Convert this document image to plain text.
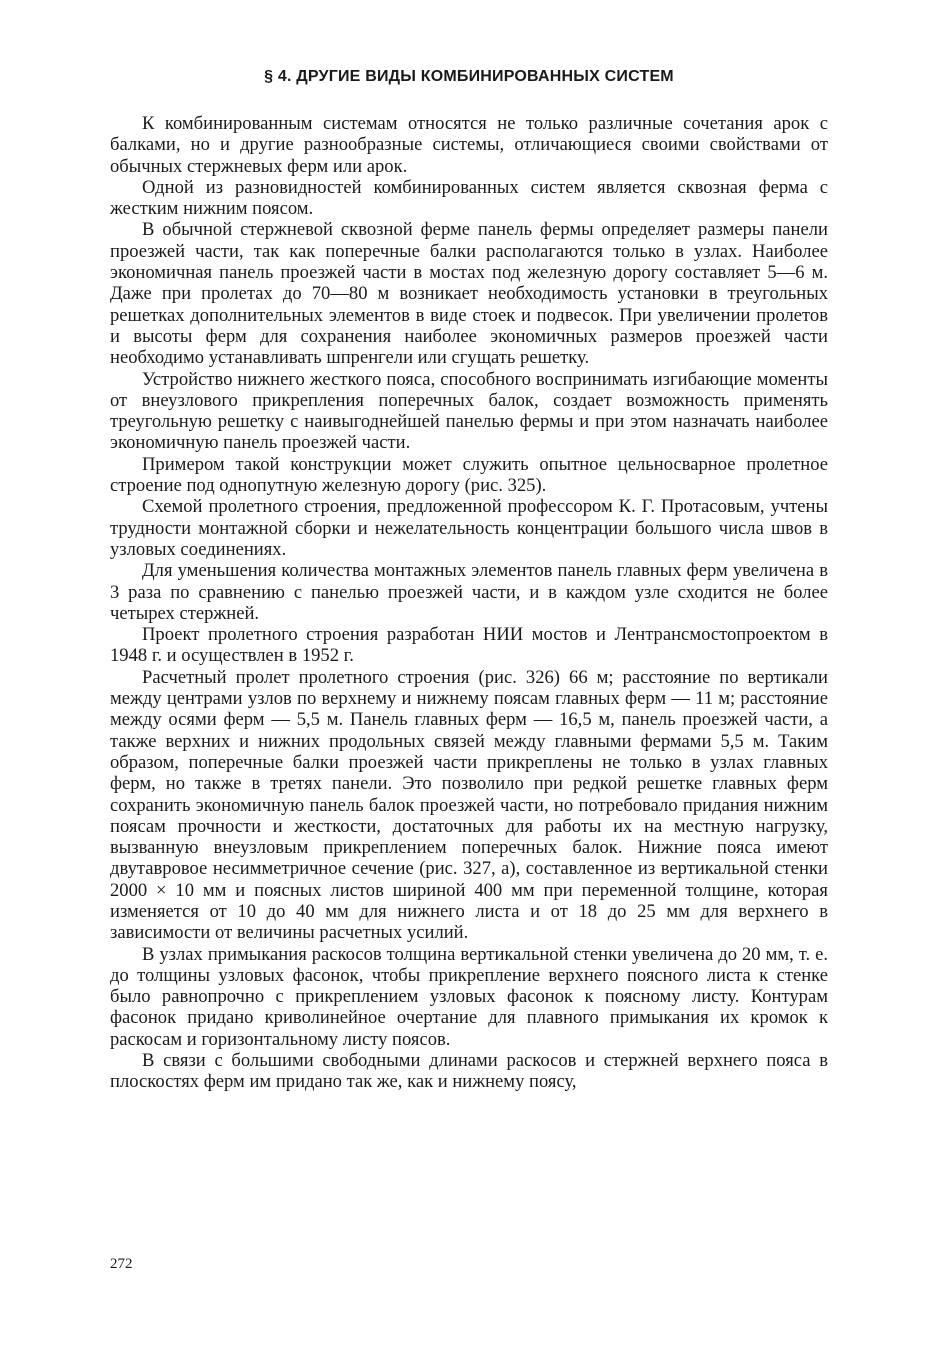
§ 4. ДРУГИЕ ВИДЫ КОМБИНИРОВАННЫХ СИСТЕМ

К комбинированным системам относятся не только различные сочетания арок с балками, но и другие разнообразные системы, отличающиеся своими свойствами от обычных стержневых ферм или арок.

Одной из разновидностей комбинированных систем является сквозная ферма с жестким нижним поясом.

В обычной стержневой сквозной ферме панель фермы определяет размеры панели проезжей части, так как поперечные балки располагаются только в узлах. Наиболее экономичная панель проезжей части в мостах под железную дорогу составляет 5—6 м. Даже при пролетах до 70—80 м возникает необходимость установки в треугольных решетках дополнительных элементов в виде стоек и подвесок. При увеличении пролетов и высоты ферм для сохранения наиболее экономичных размеров проезжей части необходимо устанавливать шпренгели или сгущать решетку.

Устройство нижнего жесткого пояса, способного воспринимать изгибающие моменты от внеузлового прикрепления поперечных балок, создает возможность применять треугольную решетку с наивыгоднейшей панелью фермы и при этом назначать наиболее экономичную панель проезжей части.

Примером такой конструкции может служить опытное цельносварное пролетное строение под однопутную железную дорогу (рис. 325).

Схемой пролетного строения, предложенной профессором К. Г. Протасовым, учтены трудности монтажной сборки и нежелательность концентрации большого числа швов в узловых соединениях.

Для уменьшения количества монтажных элементов панель главных ферм увеличена в 3 раза по сравнению с панелью проезжей части, и в каждом узле сходится не более четырех стержней.

Проект пролетного строения разработан НИИ мостов и Лентрансмостопроектом в 1948 г. и осуществлен в 1952 г.

Расчетный пролет пролетного строения (рис. 326) 66 м; расстояние по вертикали между центрами узлов по верхнему и нижнему поясам главных ферм — 11 м; расстояние между осями ферм — 5,5 м. Панель главных ферм — 16,5 м, панель проезжей части, а также верхних и нижних продольных связей между главными фермами 5,5 м. Таким образом, поперечные балки проезжей части прикреплены не только в узлах главных ферм, но также в третях панели. Это позволило при редкой решетке главных ферм сохранить экономичную панель балок проезжей части, но потребовало придания нижним поясам прочности и жесткости, достаточных для работы их на местную нагрузку, вызванную внеузловым прикреплением поперечных балок. Нижние пояса имеют двутавровое несимметричное сечение (рис. 327, а), составленное из вертикальной стенки 2000 × 10 мм и поясных листов шириной 400 мм при переменной толщине, которая изменяется от 10 до 40 мм для нижнего листа и от 18 до 25 мм для верхнего в зависимости от величины расчетных усилий.

В узлах примыкания раскосов толщина вертикальной стенки увеличена до 20 мм, т. е. до толщины узловых фасонок, чтобы прикрепление верхнего поясного листа к стенке было равнопрочно с прикреплением узловых фасонок к поясному листу. Контурам фасонок придано криволинейное очертание для плавного примыкания их кромок к раскосам и горизонтальному листу поясов.

В связи с большими свободными длинами раскосов и стержней верхнего пояса в плоскостях ферм им придано так же, как и нижнему поясу,

272
